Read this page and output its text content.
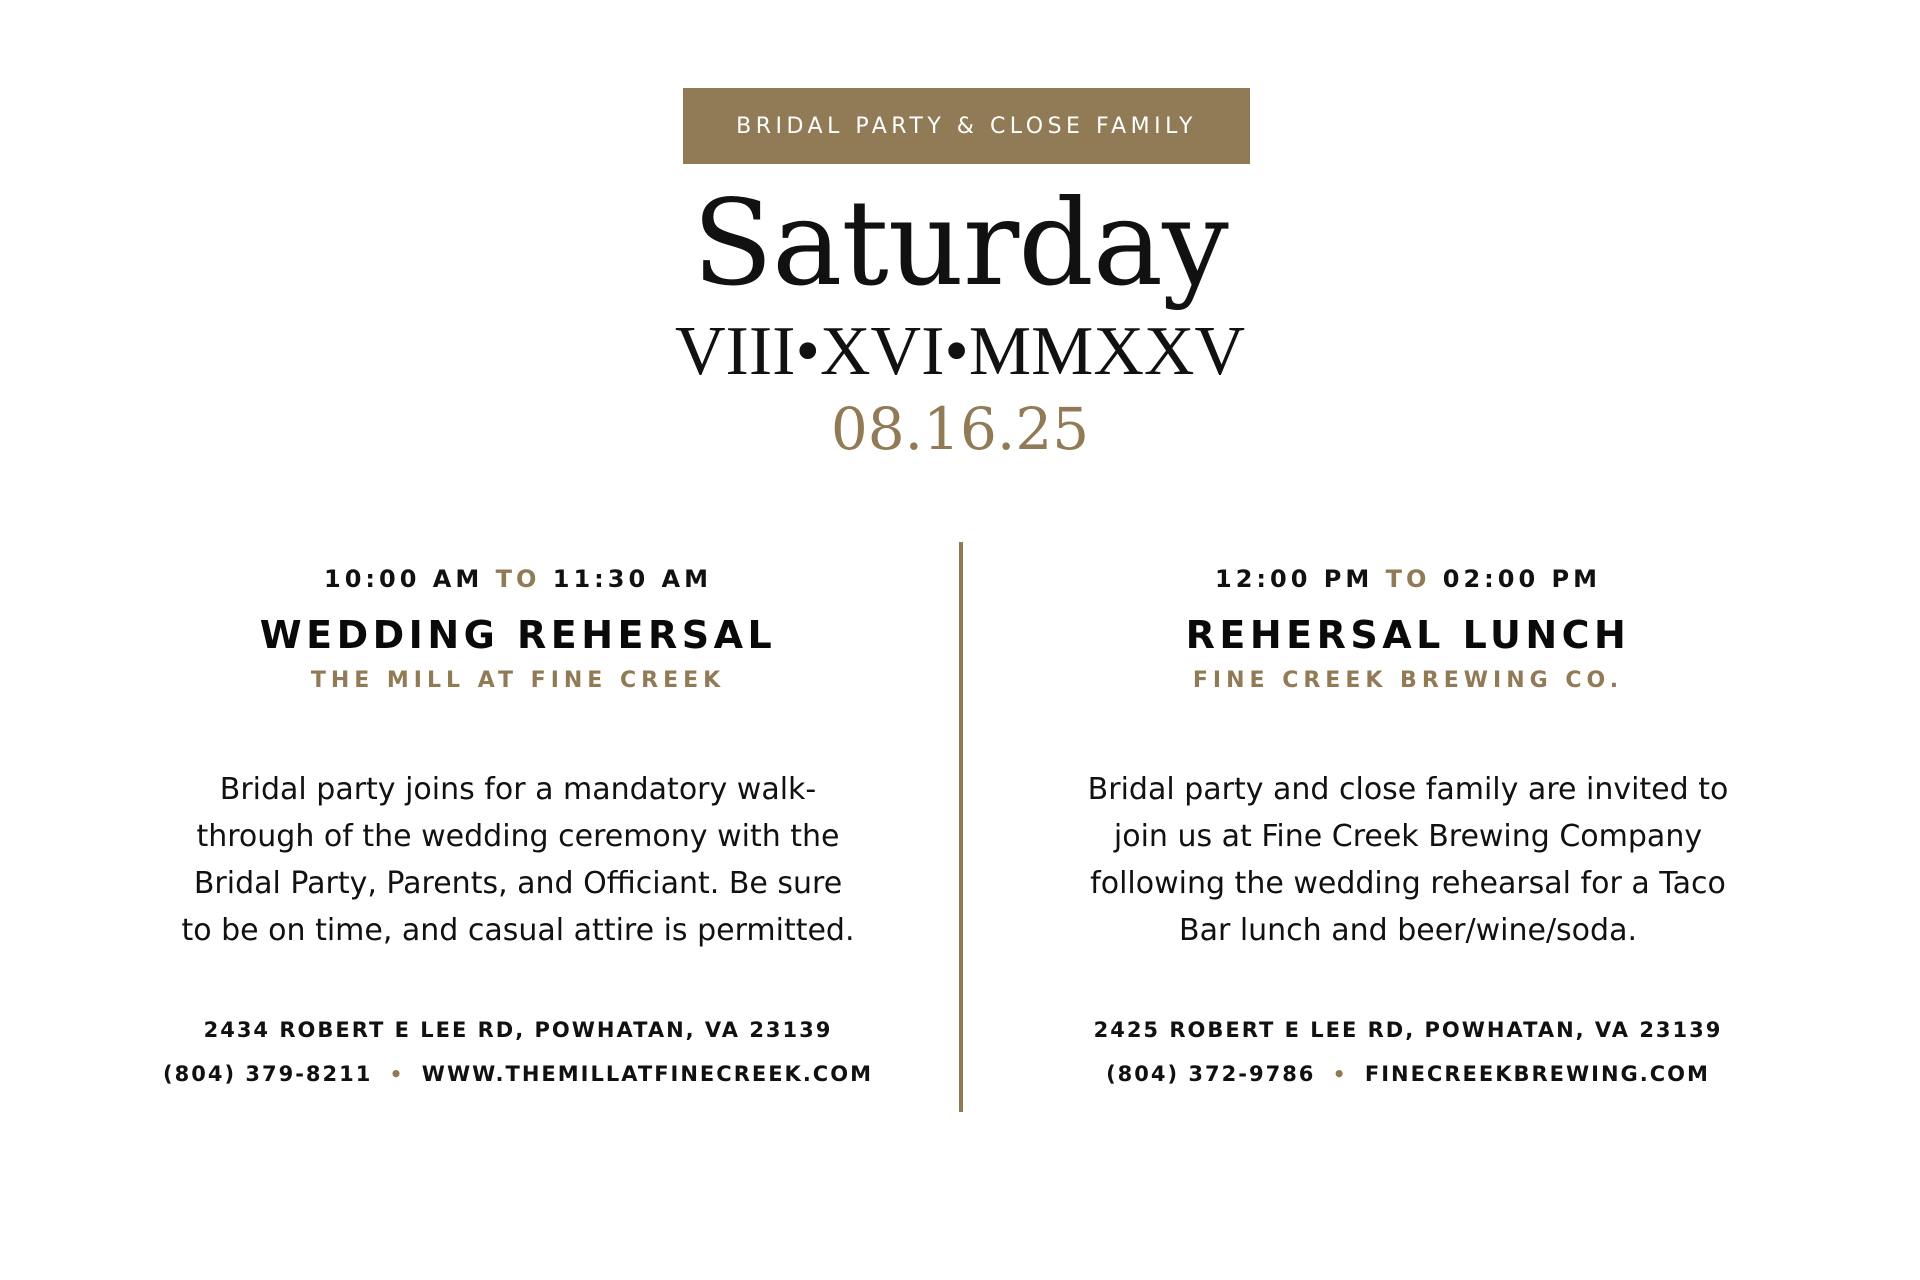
BRIDAL PARTY & CLOSE FAMILY
Saturday
VIII•XVI•MMXXV
08.16.25
10:00 AM TO 11:30 AM
WEDDING REHERSAL
THE MILL AT FINE CREEK
Bridal party joins for a mandatory walk-through of the wedding ceremony with the Bridal Party, Parents, and Officiant. Be sure to be on time, and casual attire is permitted.
2434 ROBERT E LEE RD, POWHATAN, VA 23139
(804) 379-8211 • WWW.THEMILLATFINECREEK.COM
12:00 PM TO 02:00 PM
REHERSAL LUNCH
FINE CREEK BREWING CO.
Bridal party and close family are invited to join us at Fine Creek Brewing Company following the wedding rehearsal for a Taco Bar lunch and beer/wine/soda.
2425 ROBERT E LEE RD, POWHATAN, VA 23139
(804) 372-9786 • FINECREEKBREWING.COM
